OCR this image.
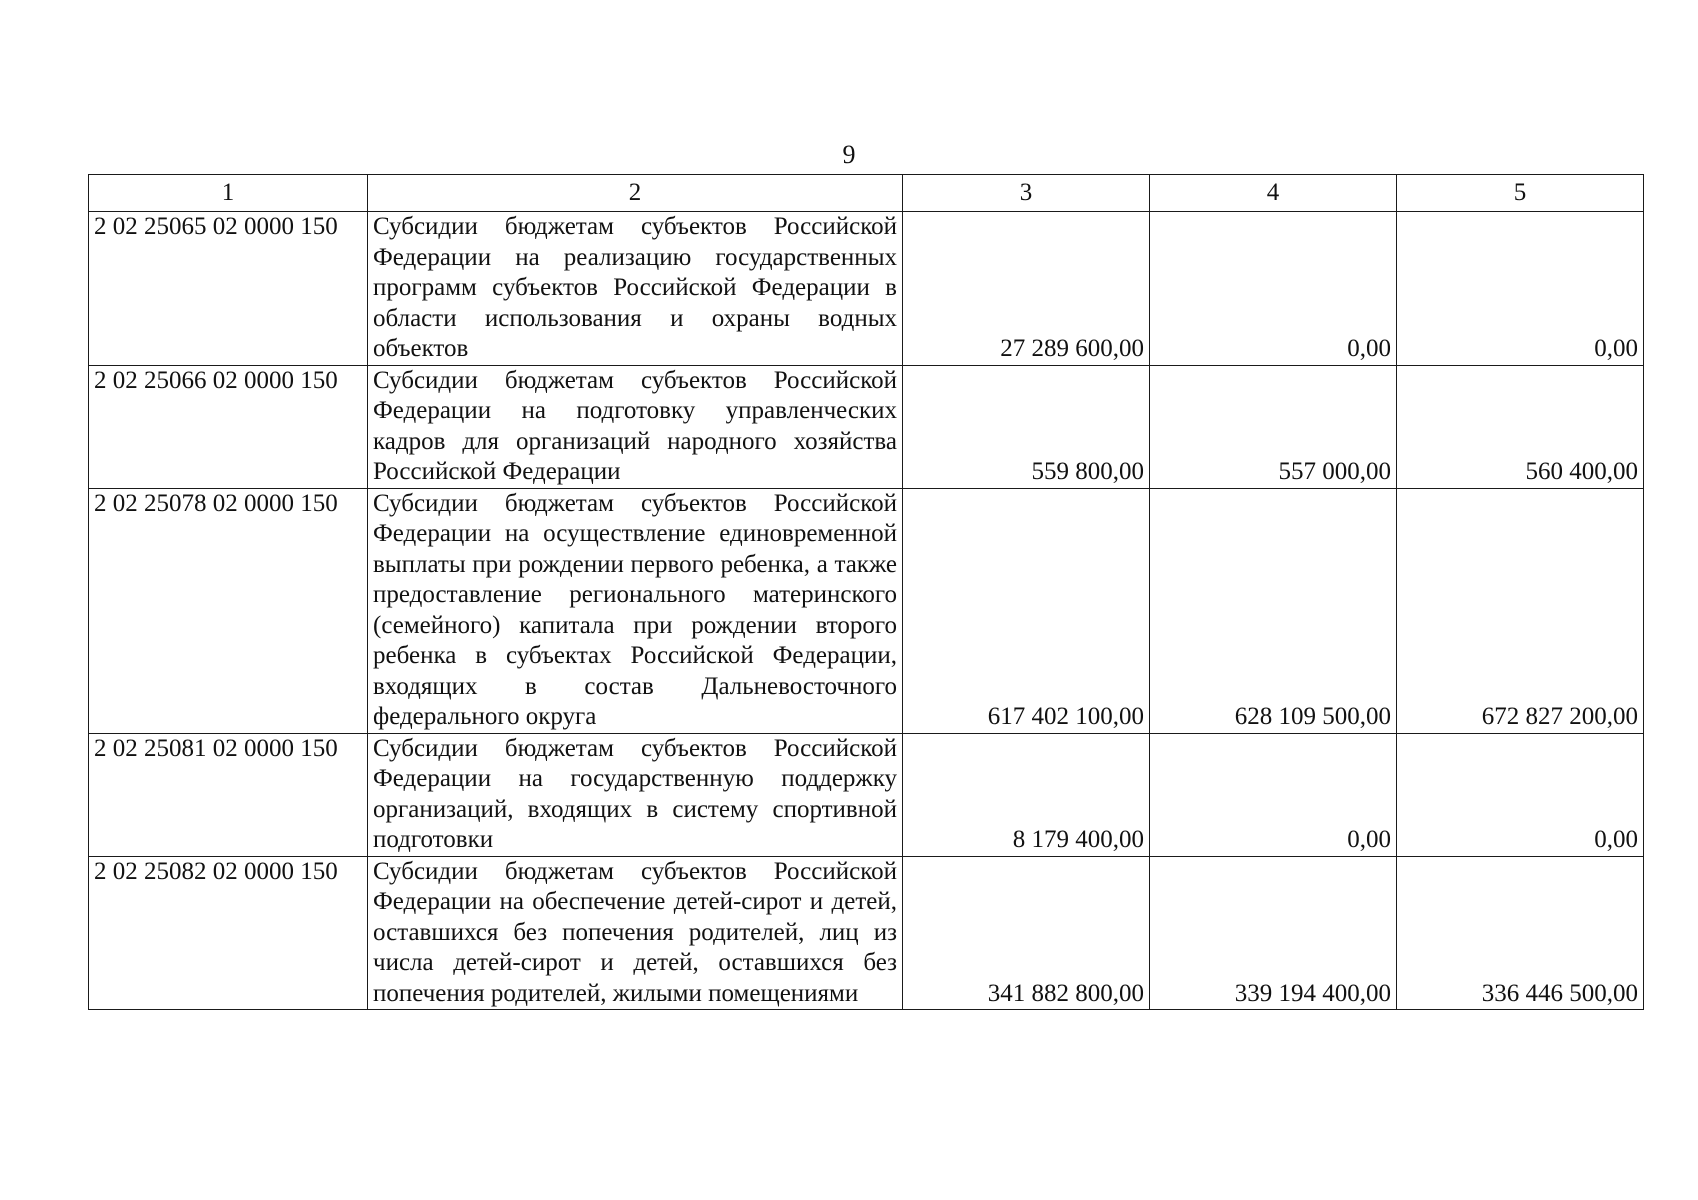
9
1	2	3	4	5
2 02 25065 02 0000 150	Субсидии бюджетам субъектов Российской Федерации на реализацию государственных программ субъектов Российской Федерации в области использования и охраны водных объектов	27 289 600,00	0,00	0,00
2 02 25066 02 0000 150	Субсидии бюджетам субъектов Российской Федерации на подготовку управленческих кадров для организаций народного хозяйства Российской Федерации	559 800,00	557 000,00	560 400,00
2 02 25078 02 0000 150	Субсидии бюджетам субъектов Российской Федерации на осуществление единовременной выплаты при рождении первого ребенка, а также предоставление регионального материнского (семейного) капитала при рождении второго ребенка в субъектах Российской Федерации, входящих в состав Дальневосточного федерального округа	617 402 100,00	628 109 500,00	672 827 200,00
2 02 25081 02 0000 150	Субсидии бюджетам субъектов Российской Федерации на государственную поддержку организаций, входящих в систему спортивной подготовки	8 179 400,00	0,00	0,00
2 02 25082 02 0000 150	Субсидии бюджетам субъектов Российской Федерации на обеспечение детей-сирот и детей, оставшихся без попечения родителей, лиц из числа детей-сирот и детей, оставшихся без попечения родителей, жилыми помещениями	341 882 800,00	339 194 400,00	336 446 500,00
